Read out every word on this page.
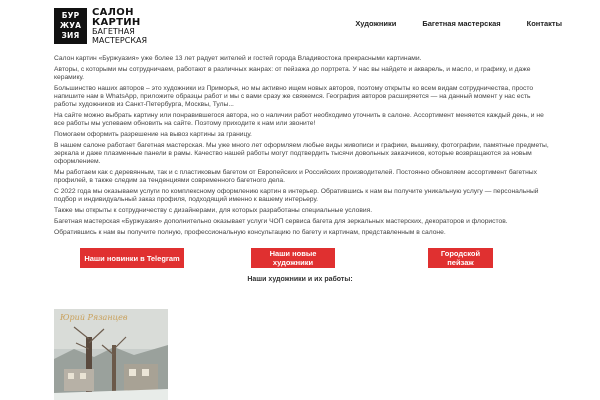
БУР
ЖУА
ЗИЯ
САЛОН
КАРТИН
БАГЕТНАЯ
МАСТЕРСКАЯ
Художники	Багетная мастерская	Контакты

Салон картин «Буржуазия» уже более 13 лет радует жителей и гостей города Владивостока прекрасными картинами.

Авторы, с которыми мы сотрудничаем, работают в различных жанрах: от пейзажа до портрета. У нас вы найдете и акварель, и масло, и графику, и даже керамику.

Большинство наших авторов – это художники из Приморья, но мы активно ищем новых авторов, поэтому открыты ко всем видам сотрудничества, просто напишите нам в WhatsApp, приложите образцы работ и мы с вами сразу же свяжемся. География авторов расширяется — на данный момент у нас есть работы художников из Санкт-Петербурга, Москвы, Тулы...

На сайте можно выбрать картину или понравившегося автора, но о наличии работ необходимо уточнить в салоне. Ассортимент меняется каждый день, и не все работы мы успеваем обновить на сайте. Поэтому приходите к нам или звоните!

Помогаем оформить разрешение на вывоз картины за границу.

В нашем салоне работает багетная мастерская. Мы уже много лет оформляем любые виды живописи и графики, вышивку, фотографии, памятные предметы, зеркала и даже плазменные панели в рамы. Качество нашей работы могут подтвердить тысячи довольных заказчиков, которые возвращаются за новым оформлением.

Мы работаем как с деревянным, так и с пластиковым багетом от Европейских и Российских производителей. Постоянно обновляем ассортимент багетных профилей, в также следим за тенденциями современного багетного дела.

С 2022 года мы оказываем услуги по комплексному оформлению картин в интерьер. Обратившись к нам вы получите уникальную услугу — персональный подбор и индивидуальный заказ профиля, подходящий именно к вашему интерьеру.

Также мы открыты к сотрудничеству с дизайнерами, для которых разработаны специальные условия.

Багетная мастерская «Буржуазия» дополнительно оказывает услуги ЧОП сервиса багета для зеркальных мастерских, декораторов и флористов.

Обратившись к нам вы получите полную, профессиональную консультацию по багету и картинам, представленным в салоне.

Наши новинки в Telegram	Наши новые художники
Городской пейзаж
Наши художники и их работы:
Юрий Рязанцев
